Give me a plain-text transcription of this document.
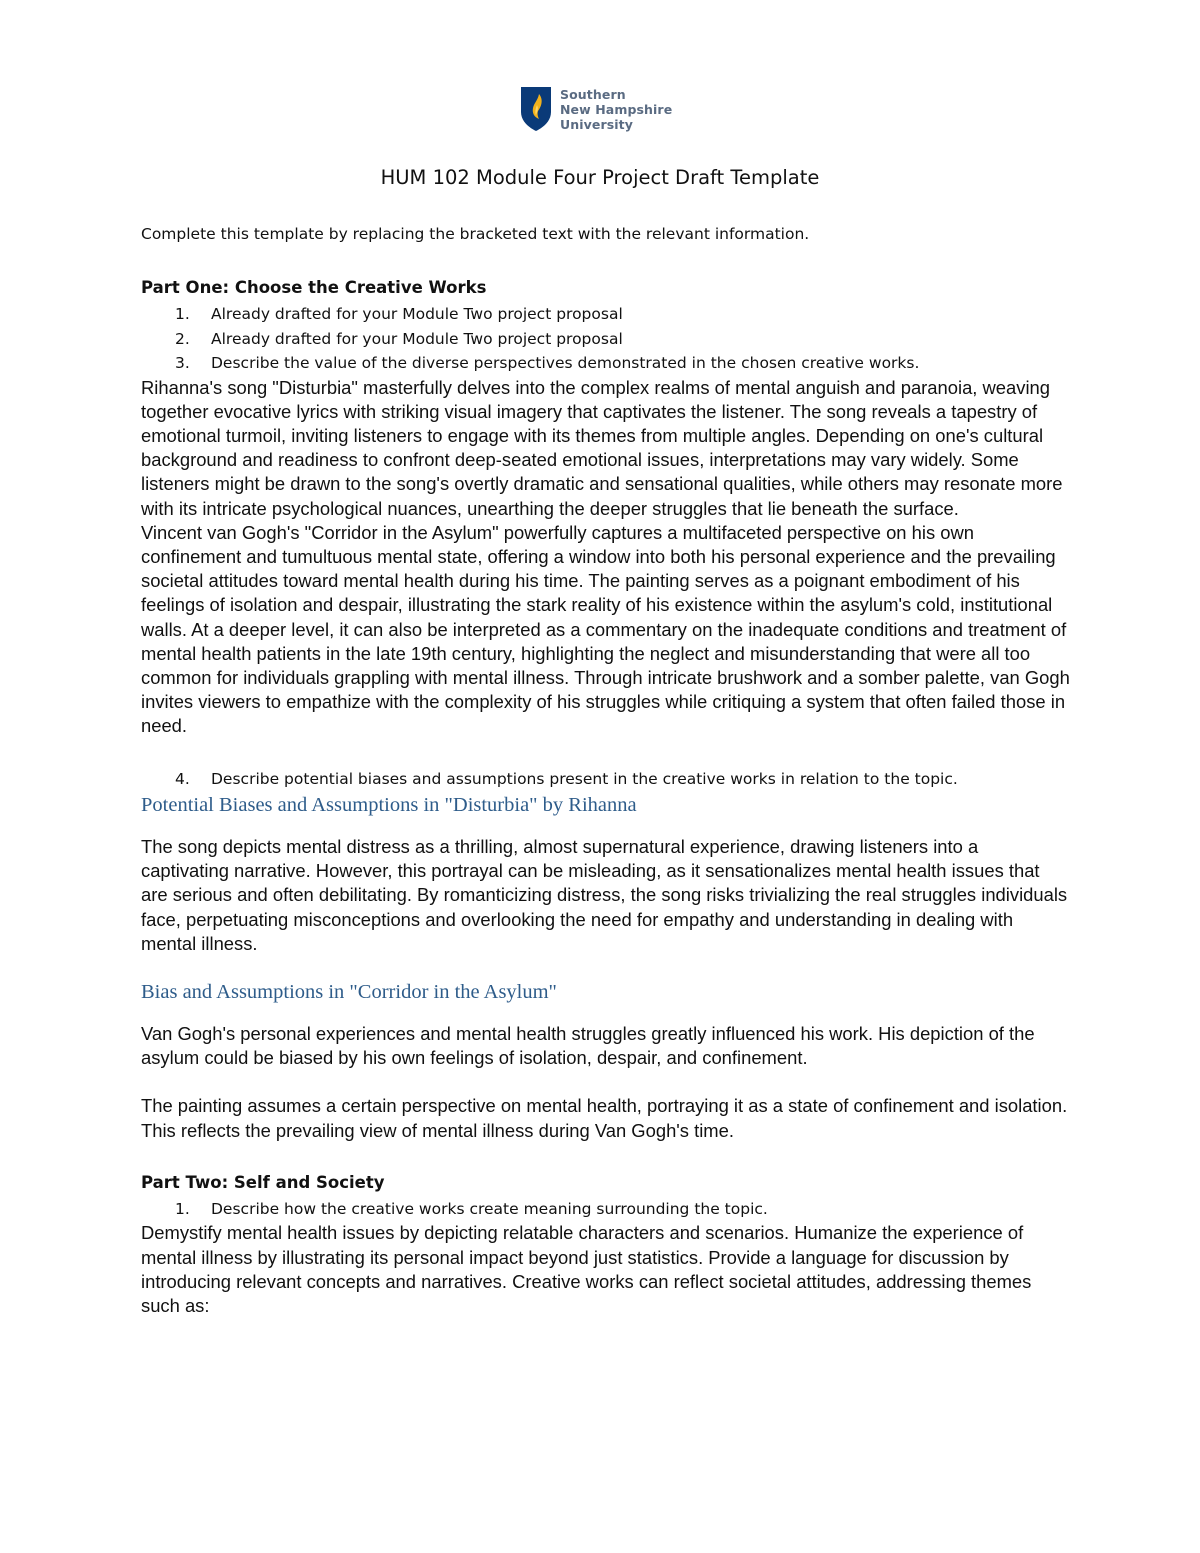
Southern
New Hampshire
University
HUM 102 Module Four Project Draft Template

Complete this template by replacing the bracketed text with the relevant information.

Part One: Choose the Creative Works

1.	Already drafted for your Module Two project proposal
2.	Already drafted for your Module Two project proposal
3.	Describe the value of the diverse perspectives demonstrated in the chosen creative works.

Rihanna's song "Disturbia" masterfully delves into the complex realms of mental anguish and paranoia, weaving together evocative lyrics with striking visual imagery that captivates the listener. The song reveals a tapestry of emotional turmoil, inviting listeners to engage with its themes from multiple angles. Depending on one's cultural background and readiness to confront deep-seated emotional issues, interpretations may vary widely. Some listeners might be drawn to the song's overtly dramatic and sensational qualities, while others may resonate more with its intricate psychological nuances, unearthing the deeper struggles that lie beneath the surface.

Vincent van Gogh's "Corridor in the Asylum" powerfully captures a multifaceted perspective on his own confinement and tumultuous mental state, offering a window into both his personal experience and the prevailing societal attitudes toward mental health during his time. The painting serves as a poignant embodiment of his feelings of isolation and despair, illustrating the stark reality of his existence within the asylum's cold, institutional walls. At a deeper level, it can also be interpreted as a commentary on the inadequate conditions and treatment of mental health patients in the late 19th century, highlighting the neglect and misunderstanding that were all too common for individuals grappling with mental illness. Through intricate brushwork and a somber palette, van Gogh invites viewers to empathize with the complexity of his struggles while critiquing a system that often failed those in need.

4.	Describe potential biases and assumptions present in the creative works in relation to the topic.

Potential Biases and Assumptions in "Disturbia" by Rihanna

The song depicts mental distress as a thrilling, almost supernatural experience, drawing listeners into a captivating narrative. However, this portrayal can be misleading, as it sensationalizes mental health issues that are serious and often debilitating. By romanticizing distress, the song risks trivializing the real struggles individuals face, perpetuating misconceptions and overlooking the need for empathy and understanding in dealing with mental illness.

Bias and Assumptions in "Corridor in the Asylum"

Van Gogh's personal experiences and mental health struggles greatly influenced his work. His depiction of the asylum could be biased by his own feelings of isolation, despair, and confinement.

The painting assumes a certain perspective on mental health, portraying it as a state of confinement and isolation. This reflects the prevailing view of mental illness during Van Gogh's time.

Part Two: Self and Society

1.	Describe how the creative works create meaning surrounding the topic.

Demystify mental health issues by depicting relatable characters and scenarios. Humanize the experience of mental illness by illustrating its personal impact beyond just statistics. Provide a language for discussion by introducing relevant concepts and narratives. Creative works can reflect societal attitudes, addressing themes such as:
